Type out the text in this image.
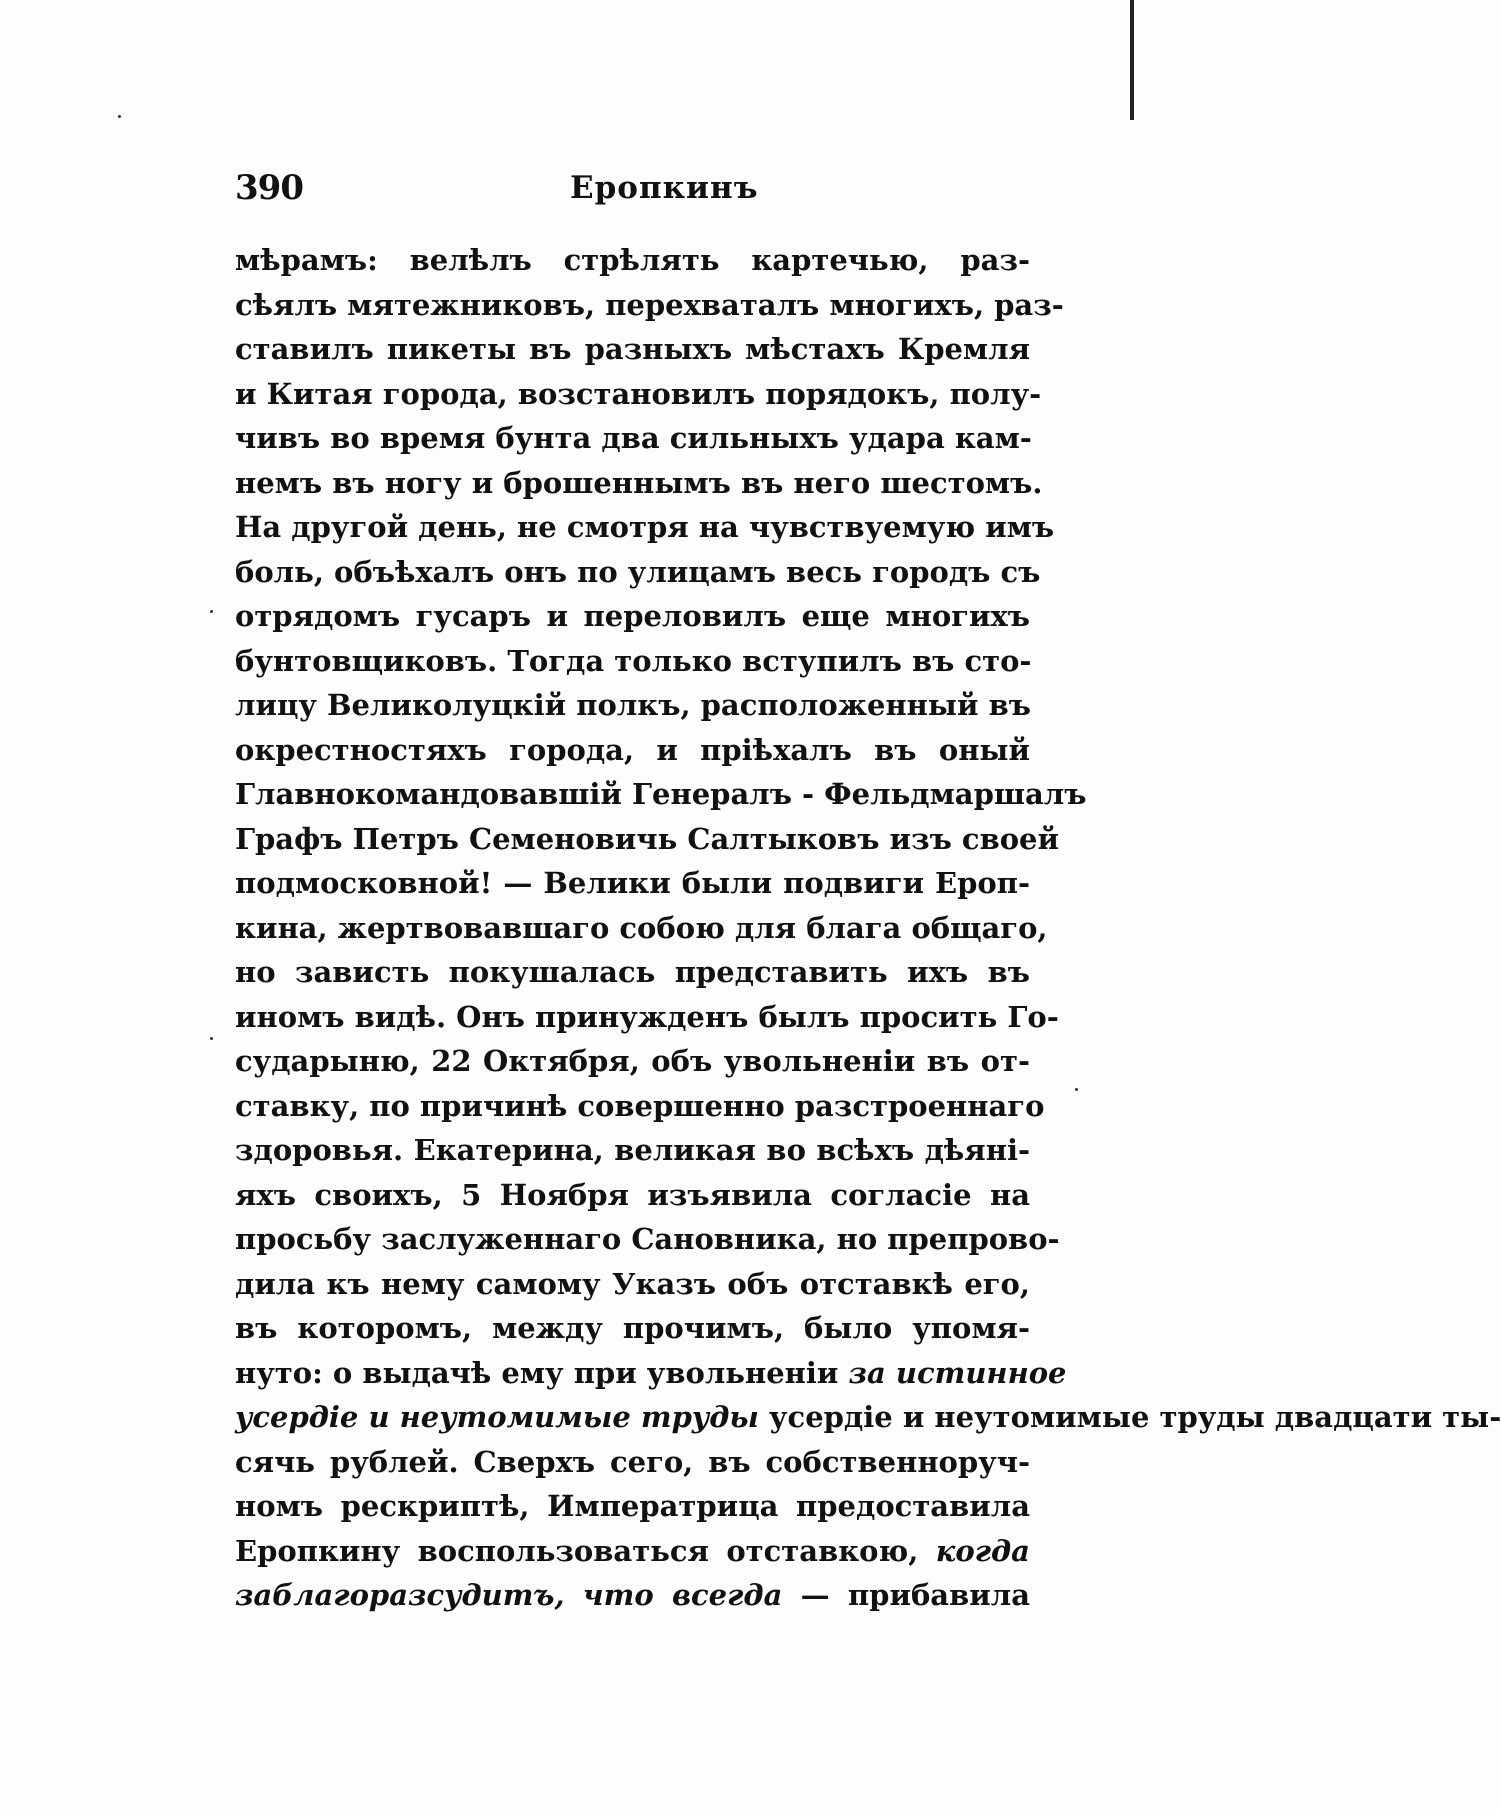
390	Еропкинъ
мѣрамъ: велѣлъ стрѣлять картечью, раз-
сѣялъ мятежниковъ, перехваталъ многихъ, раз-
ставилъ пикеты въ разныхъ мѣстахъ Кремля
и Китая города, возстановилъ порядокъ, полу-
чивъ во время бунта два сильныхъ удара кам-
немъ въ ногу и брошеннымъ въ него шестомъ.
На другой день, не смотря на чувствуемую имъ
боль, объѣхалъ онъ по улицамъ весь городъ съ
отрядомъ гусаръ и переловилъ еще многихъ
бунтовщиковъ. Тогда только вступилъ въ сто-
лицу Великолуцкій полкъ, расположенный въ
окрестностяхъ города, и пріѣхалъ въ оный
Главнокомандовавшій Генералъ - Фельдмаршалъ
Графъ Петръ Семеновичь Салтыковъ изъ своей
подмосковной! — Велики были подвиги Ероп-
кина, жертвовавшаго собою для блага общаго,
но зависть покушалась представить ихъ въ
иномъ видѣ. Онъ принужденъ былъ просить Го-
сударыню, 22 Октября, объ увольненіи въ от-
ставку, по причинѣ совершенно разстроеннаго
здоровья. Екатерина, великая во всѣхъ дѣяні-
яхъ своихъ, 5 Ноября изъявила согласіе на
просьбу заслуженнаго Сановника, но препрово-
дила къ нему самому Указъ объ отставкѣ его,
въ которомъ, между прочимъ, было упомя-
нуто: о выдачѣ ему при увольненіи за истинное
усердіе и неутомимые труды усердіе и неутомимые труды двадцати ты-
сячь рублей. Сверхъ сего, въ собственноруч-
номъ рескриптѣ, Императрица предоставила
Еропкину воспользоваться отставкою, когда
заблагоразсудитъ, что всегда — прибавила
